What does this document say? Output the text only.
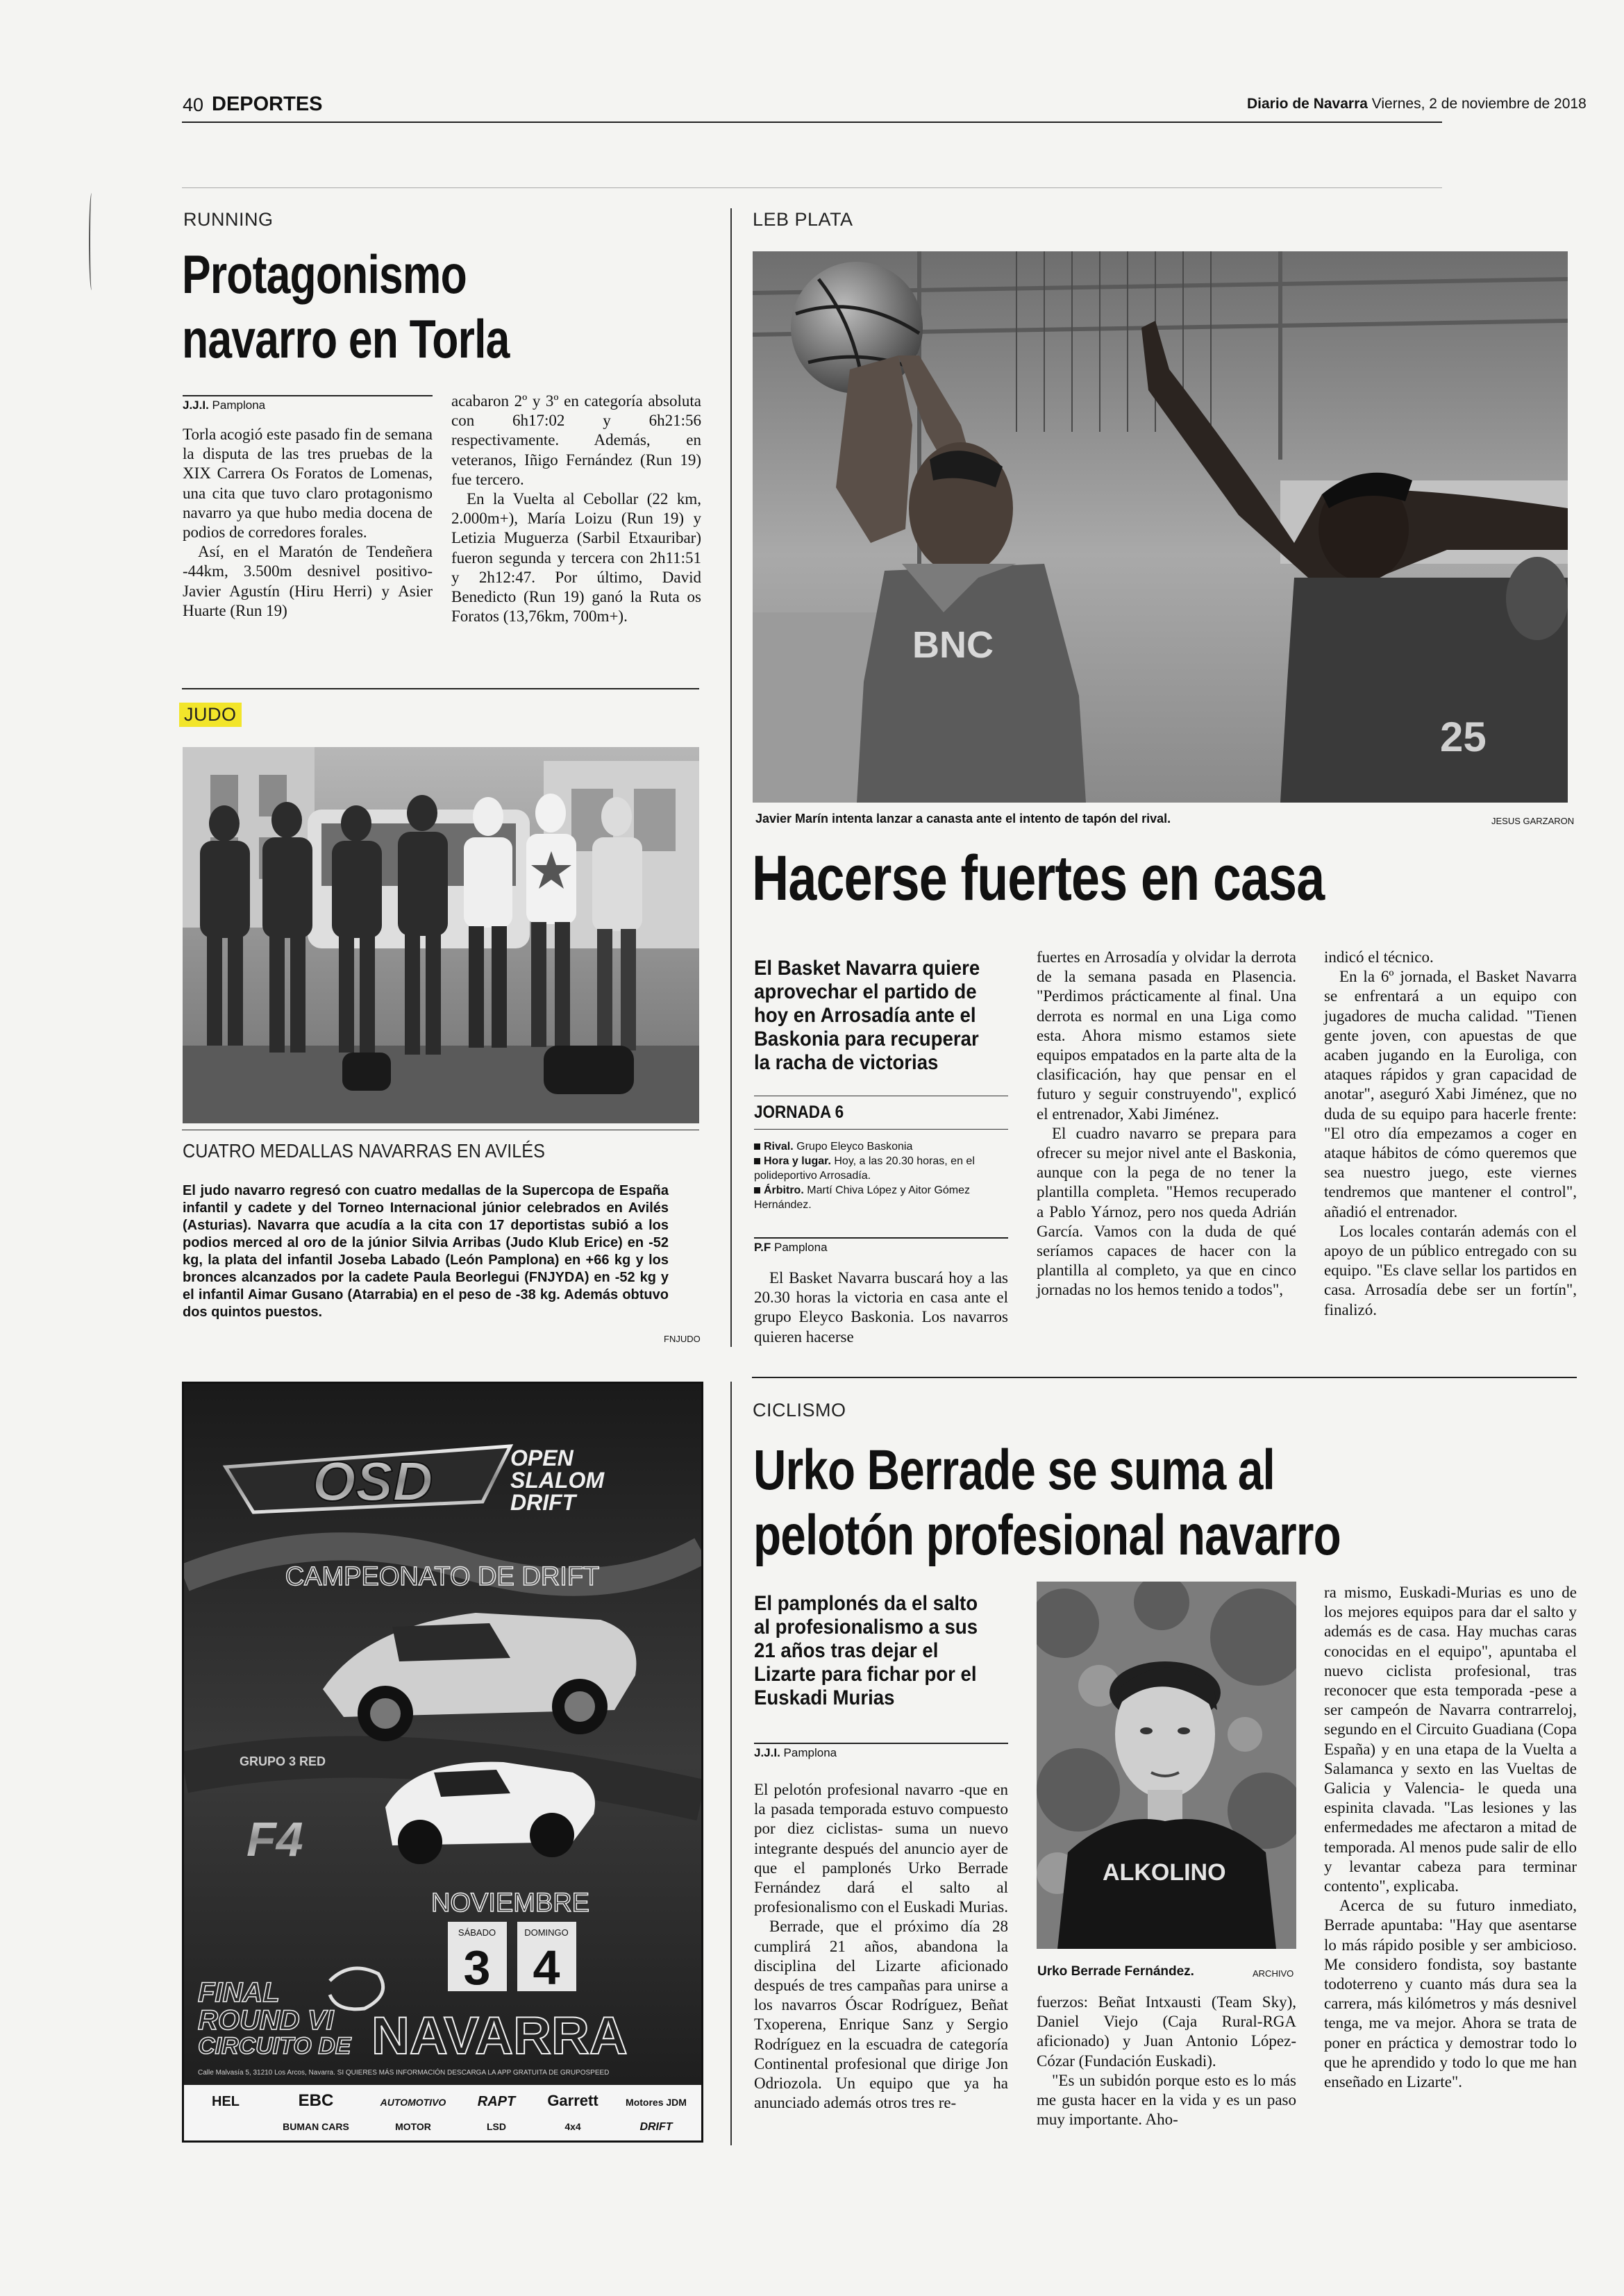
40 DEPORTES	Diario de Navarra Viernes, 2 de noviembre de 2018
RUNNING
Protagonismo
navarro en Torla
J.J.I. Pamplona

Torla acogió este pasado fin de semana la disputa de las tres pruebas de la XIX Carrera Os Foratos de Lomenas, una cita que tuvo claro protagonismo navarro ya que hubo media docena de podios de corredores forales.

Así, en el Maratón de Tendeñera -44km, 3.500m desnivel positivo- Javier Agustín (Hiru Herri) y Asier Huarte (Run 19)

acabaron 2º y 3º en categoría absoluta con 6h17:02 y 6h21:56 respectivamente. Además, en veteranos, Iñigo Fernández (Run 19) fue tercero.

En la Vuelta al Cebollar (22 km, 2.000m+), María Loizu (Run 19) y Letizia Muguerza (Sarbil Etxauribar) fueron segunda y tercera con 2h11:51 y 2h12:47. Por último, David Benedicto (Run 19) ganó la Ruta os Foratos (13,76km, 700m+).

JUDO
CUATRO MEDALLAS NAVARRAS EN AVILÉS
El judo navarro regresó con cuatro medallas de la Supercopa de España infantil y cadete y del Torneo Internacional júnior celebrados en Avilés (Asturias). Navarra que acudía a la cita con 17 deportistas subió a los podios merced al oro de la júnior Silvia Arribas (Judo Klub Erice) en -52 kg, la plata del infantil Joseba Labado (León Pamplona) en +66 kg y los bronces alcanzados por la cadete Paula Beorlegui (FNJYDA) en -52 kg y el infantil Aimar Gusano (Atarrabia) en el peso de -38 kg. Además obtuvo dos quintos puestos.
FNJUDO
LEB PLATA
BNC
25
Javier Marín intenta lanzar a canasta ante el intento de tapón del rival.	JESUS GARZARON
Hacerse fuertes en casa
El Basket Navarra quiere aprovechar el partido de hoy en Arrosadía ante el Baskonia para recuperar la racha de victorias
JORNADA 6
Rival. Grupo Eleyco Baskonia
Hora y lugar. Hoy, a las 20.30 horas, en el polideportivo Arrosadía.
Árbitro. Martí Chiva López y Aitor Gómez Hernández.
P.F Pamplona

El Basket Navarra buscará hoy a las 20.30 horas la victoria en casa ante el grupo Eleyco Baskonia. Los navarros quieren hacerse

fuertes en Arrosadía y olvidar la derrota de la semana pasada en Plasencia. "Perdimos prácticamente al final. Una derrota es normal en una Liga como esta. Ahora mismo estamos siete equipos empatados en la parte alta de la clasificación, hay que pensar en el futuro y seguir construyendo", explicó el entrenador, Xabi Jiménez.

El cuadro navarro se prepara para ofrecer su mejor nivel ante el Baskonia, aunque con la pega de no tener la plantilla completa. "Hemos recuperado a Pablo Yárnoz, pero nos queda Adrián García. Vamos con la duda de qué seríamos capaces de hacer con la plantilla al completo, ya que en cinco jornadas no los hemos tenido a todos",

indicó el técnico.

En la 6º jornada, el Basket Navarra se enfrentará a un equipo con jugadores de mucha calidad. "Tienen gente joven, con apuestas de que acaben jugando en la Euroliga, con ataques rápidos y gran capacidad de anotar", aseguró Xabi Jiménez, que no duda de su equipo para hacerle frente: "El otro día empezamos a coger en ataque hábitos de cómo queremos que sea nuestro juego, este viernes tendremos que mantener el control", añadió el entrenador.

Los locales contarán además con el apoyo de un público entregado con su equipo. "Es clave sellar los partidos en casa. Arrosadía debe ser un fortín", finalizó.

CICLISMO
Urko Berrade se suma al
pelotón profesional navarro
El pamplonés da el salto al profesionalismo a sus 21 años tras dejar el Lizarte para fichar por el Euskadi Murias
J.J.I. Pamplona

El pelotón profesional navarro -que en la pasada temporada estuvo compuesto por diez ciclistas- suma un nuevo integrante después del anuncio ayer de que el pamplonés Urko Berrade Fernández dará el salto al profesionalismo con el Euskadi Murias.

Berrade, que el próximo día 28 cumplirá 21 años, abandona la disciplina del Lizarte aficionado después de tres campañas para unirse a los navarros Óscar Rodríguez, Beñat Txoperena, Enrique Sanz y Sergio Rodríguez en la escuadra de categoría Continental profesional que dirige Jon Odriozola. Un equipo que ya ha anunciado además otros tres re-

ALKOLINO
Urko Berrade Fernández.	ARCHIVO

fuerzos: Beñat Intxausti (Team Sky), Daniel Viejo (Caja Rural-RGA aficionado) y Juan Antonio López-Cózar (Fundación Euskadi).

"Es un subidón porque esto es lo más me gusta hacer en la vida y es un paso muy importante. Aho-

ra mismo, Euskadi-Murias es uno de los mejores equipos para dar el salto y además es de casa. Hay muchas caras conocidas en el equipo", apuntaba el nuevo ciclista profesional, tras reconocer que esta temporada -pese a ser campeón de Navarra contrarreloj, segundo en el Circuito Guadiana (Copa España) y en una etapa de la Vuelta a Salamanca y sexto en las Vueltas de Galicia y Valencia- le queda una espinita clavada. "Las lesiones y las enfermedades me afectaron a mitad de temporada. Al menos pude salir de ello y levantar cabeza para terminar contento", explicaba.

Acerca de su futuro inmediato, Berrade apuntaba: "Hay que asentarse lo más rápido posible y ser ambicioso. Me considero fondista, soy bastante todoterreno y cuanto más dura sea la carrera, más kilómetros y más desnivel tenga, me va mejor. Ahora se trata de poner en práctica y demostrar todo lo que he aprendido y todo lo que me han enseñado en Lizarte".

OSD	OPEN
SLALOM
DRIFT
CAMPEONATO DE DRIFT
GRUPO 3 RED
F4
NOVIEMBRE
SÁBADO	DOMINGO
3 4
FINAL
ROUND VI
CIRCUITO DE NAVARRA
Calle Malvasía 5, 31210 Los Arcos, Navarra. SI QUIERES MÁS INFORMACIÓN DESCARGA LA APP GRATUITA DE GRUPOSPEED
HEL	EBC	AUTOMOTIVO RAPT Garrett	Motores JDM
BUMAN CARS	MOTOR	LSD	4x4	DRIFT
